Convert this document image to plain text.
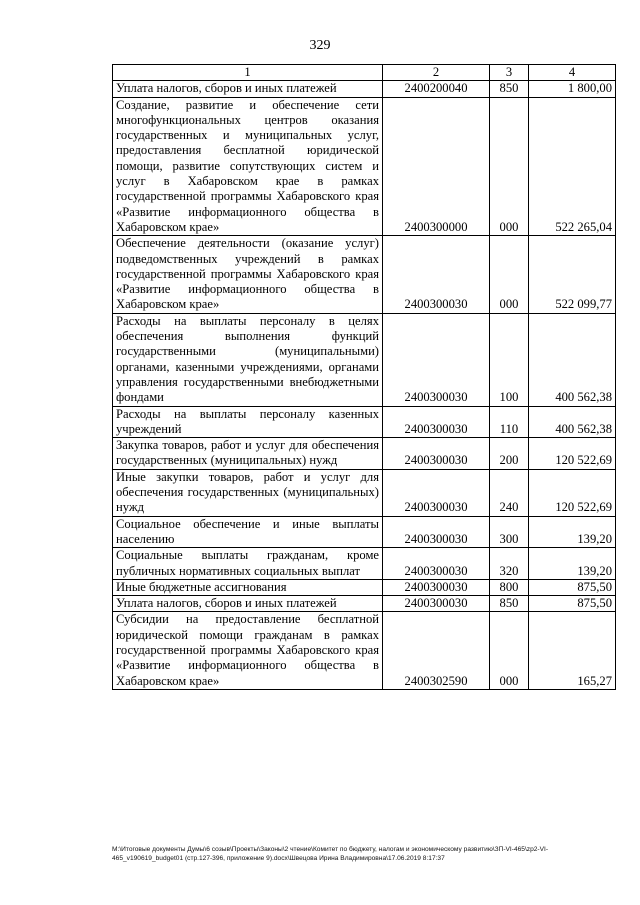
329
1	2	3	4
Уплата налогов, сборов и иных платежей	2400200040	850	1 800,00
Создание, развитие и обеспечение сети многофункциональных центров оказания государственных и муниципальных услуг, предоставления бесплатной юридической помощи, развитие сопутствующих систем и услуг в Хабаровском крае в рамках государственной программы Хабаровского края «Развитие информационного общества в Хабаровском крае»	2400300000	000	522 265,04
Обеспечение деятельности (оказание услуг) подведомственных учреждений в рамках государственной программы Хабаровского края «Развитие информационного общества в Хабаровском крае»	2400300030	000	522 099,77
Расходы на выплаты персоналу в целях обеспечения выполнения функций государственными (муниципальными) органами, казенными учреждениями, органами управления государственными внебюджетными фондами	2400300030	100	400 562,38
Расходы на выплаты персоналу казенных учреждений	2400300030	110	400 562,38
Закупка товаров, работ и услуг для обеспечения государственных (муниципальных) нужд	2400300030	200	120 522,69
Иные закупки товаров, работ и услуг для обеспечения государственных (муниципальных) нужд	2400300030	240	120 522,69
Социальное обеспечение и иные выплаты населению	2400300030	300	139,20
Социальные выплаты гражданам, кроме публичных нормативных социальных выплат	2400300030	320	139,20
Иные бюджетные ассигнования	2400300030	800	875,50
Уплата налогов, сборов и иных платежей	2400300030	850	875,50
Субсидии на предоставление бесплатной юридической помощи гражданам в рамках государственной программы Хабаровского края «Развитие информационного общества в Хабаровском крае»	2400302590	000	165,27
M:\Итоговые документы Думы\6 созыв\Проекты\Законы\2 чтение\Комитет по бюджету, налогам и экономическому развитию\ЗП-VI-465\zp2-VI-465_v190619_budget01 (стр.127-396, приложение 9).docx\Швецова Ирина Владимировна\17.06.2019 8:17:37
